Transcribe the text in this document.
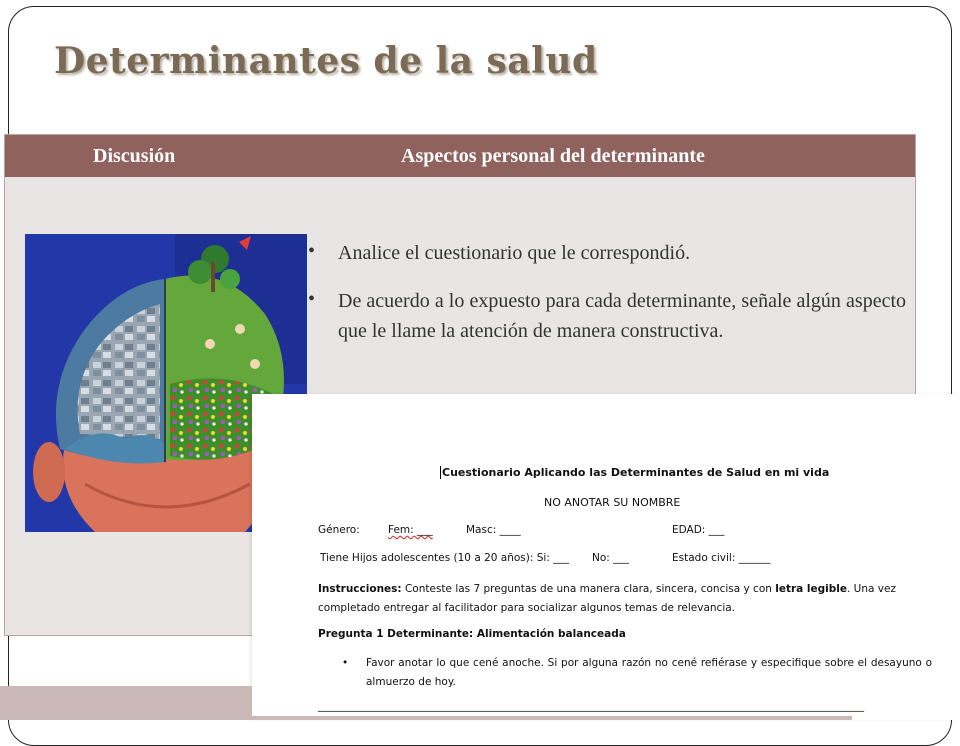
Determinantes de la salud
Discusión	Aspectos personal del determinante
• Analice el cuestionario que le correspondió.
• De acuerdo a lo expuesto para cada determinante, señale algún aspecto que le llame la atención de manera constructiva.
Cuestionario Aplicando las Determinantes de Salud en mi vida
NO ANOTAR SU NOMBRE
Género:	Fem: ___	Masc: ____	EDAD: ___
Tiene Hijos adolescentes (10 a 20 años): Si: ___ No: ___	Estado civil: ______
Instrucciones: Conteste las 7 preguntas de una manera clara, sincera, concisa y con letra legible. Una vez completado entregar al facilitador para socializar algunos temas de relevancia.
Pregunta 1 Determinante: Alimentación balanceada
• Favor anotar lo que cené anoche. Si por alguna razón no cené refiérase y especifique sobre el desayuno o almuerzo de hoy.
________________________________________________________________________________________________________
